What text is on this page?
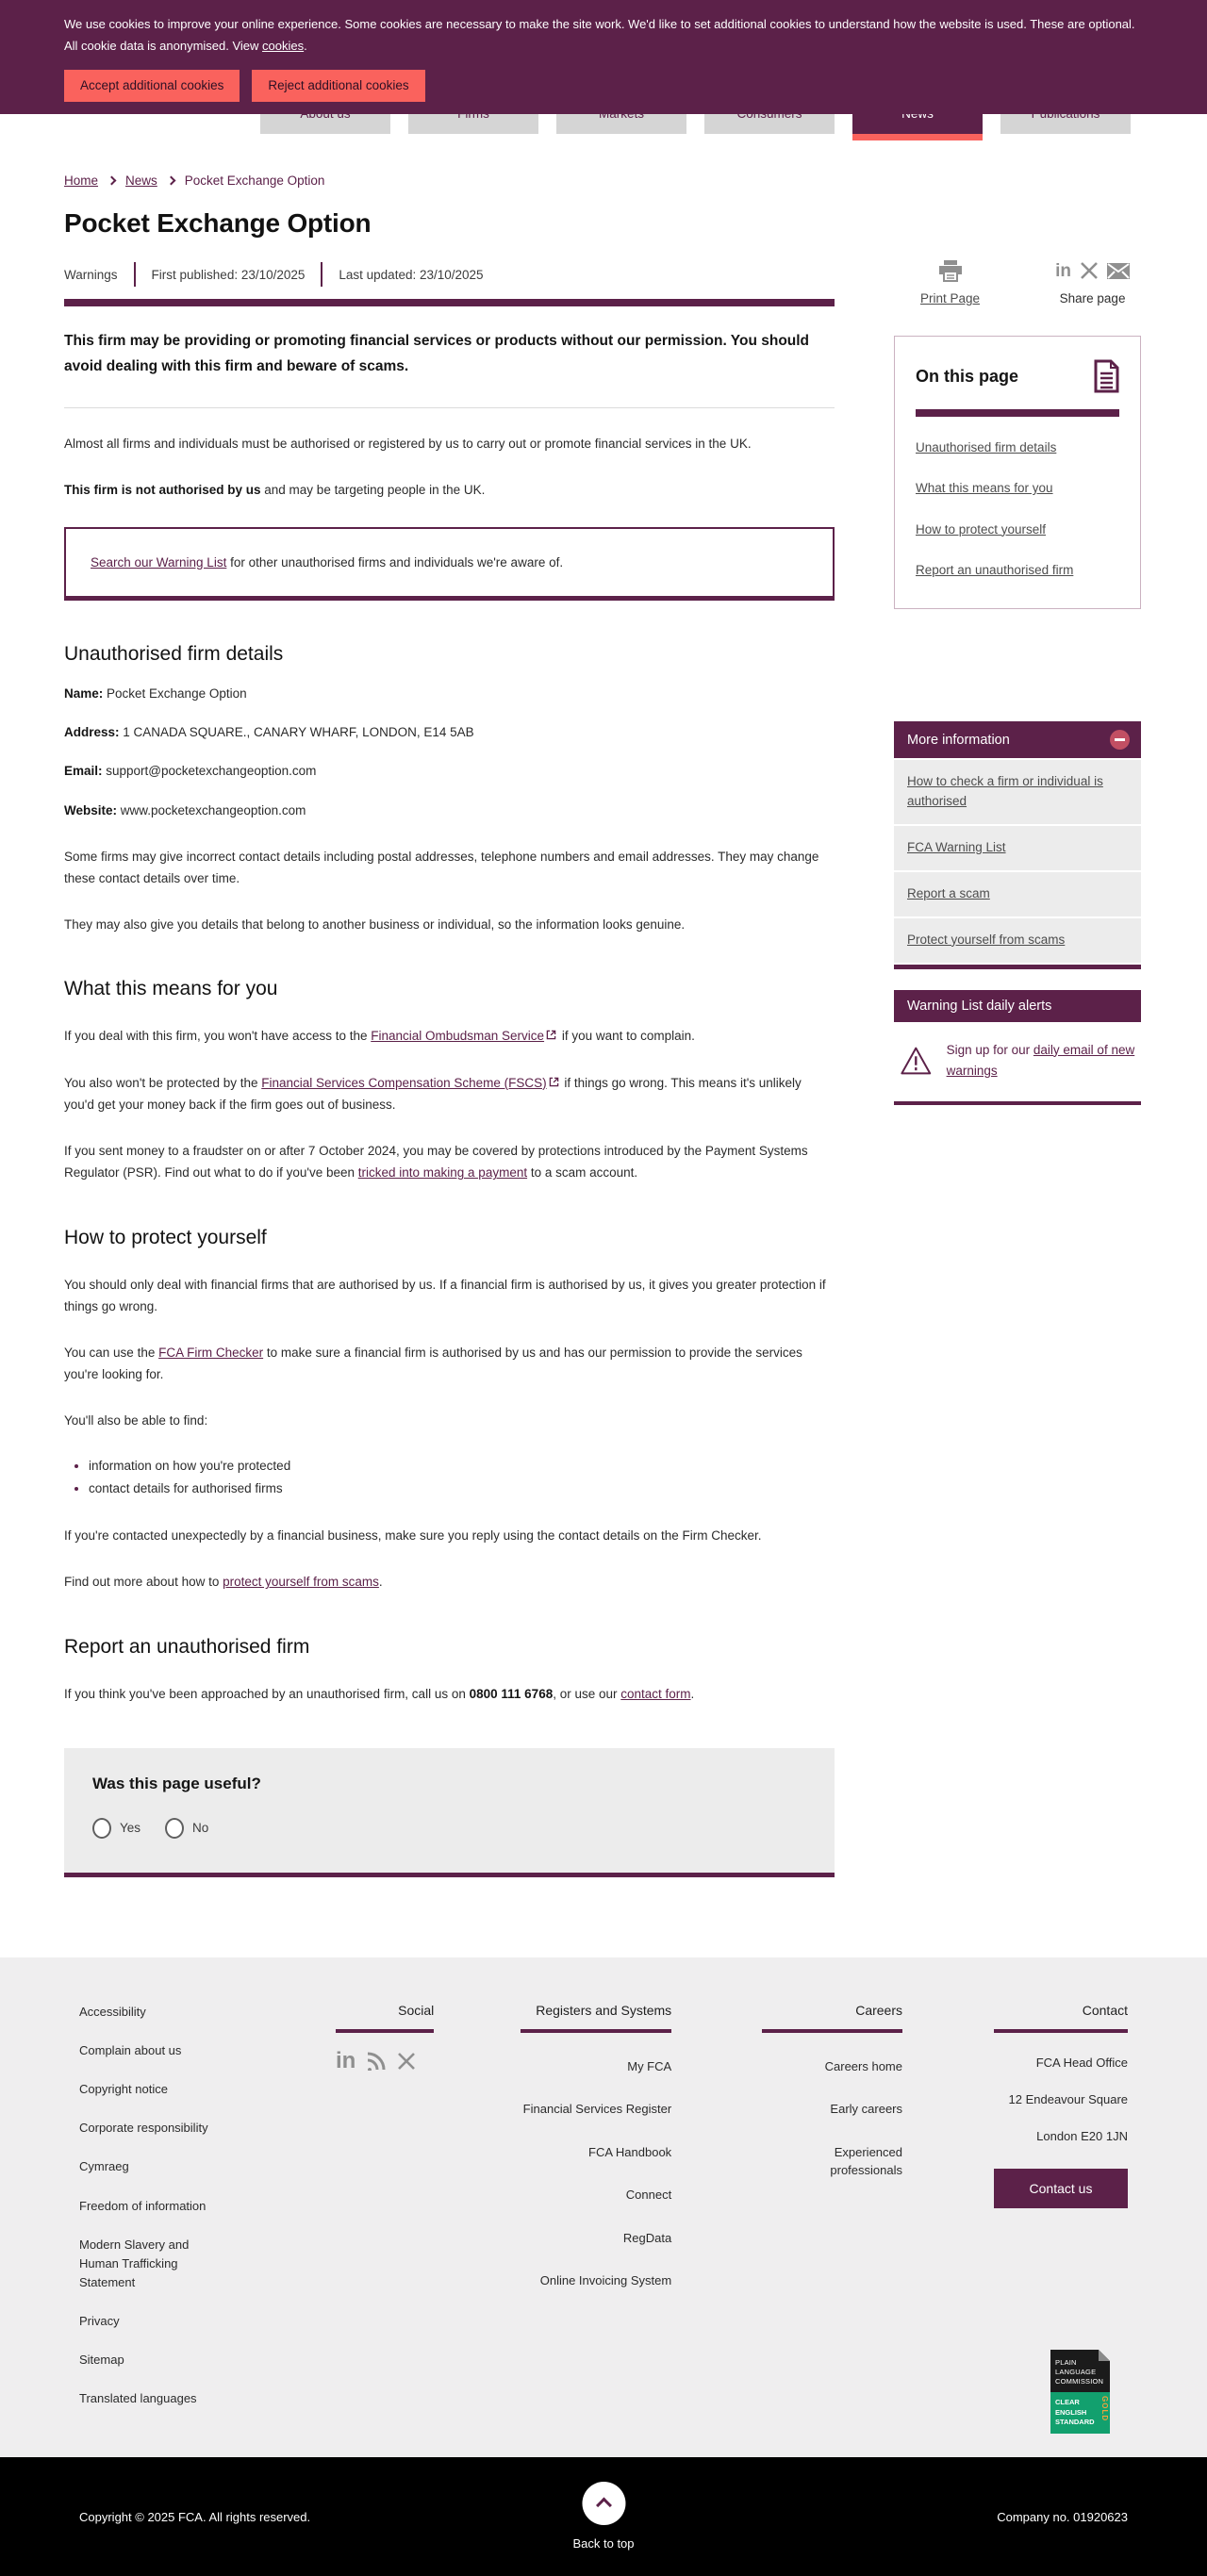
We use cookies to improve your online experience. Some cookies are necessary to make the site work. We'd like to set additional cookies to understand how the website is used. These are optional. All cookie data is anonymised. View cookies.
Accept additional cookies	Reject additional cookies
Home News Pocket Exchange Option
Pocket Exchange Option
Warnings	First published: 23/10/2025	Last updated: 23/10/2025
This firm may be providing or promoting financial services or products without our permission. You should avoid dealing with this firm and beware of scams.

Almost all firms and individuals must be authorised or registered by us to carry out or promote financial services in the UK.

This firm is not authorised by us and may be targeting people in the UK.

Search our Warning List for other unauthorised firms and individuals we're aware of.

Unauthorised firm details

Name: Pocket Exchange Option

Address: 1 CANADA SQUARE., CANARY WHARF, LONDON, E14 5AB

Email: support@pocketexchangeoption.com

Website: www.pocketexchangeoption.com

Some firms may give incorrect contact details including postal addresses, telephone numbers and email addresses. They may change these contact details over time.

They may also give you details that belong to another business or individual, so the information looks genuine.

What this means for you

If you deal with this firm, you won't have access to the Financial Ombudsman Service if you want to complain.

You also won't be protected by the Financial Services Compensation Scheme (FSCS) if things go wrong. This means it's unlikely you'd get your money back if the firm goes out of business.

If you sent money to a fraudster on or after 7 October 2024, you may be covered by protections introduced by the Payment Systems Regulator (PSR). Find out what to do if you've been tricked into making a payment to a scam account.

How to protect yourself

You should only deal with financial firms that are authorised by us. If a financial firm is authorised by us, it gives you greater protection if things go wrong.

You can use the FCA Firm Checker to make sure a financial firm is authorised by us and has our permission to provide the services you're looking for.

You'll also be able to find:

• information on how you're protected
• contact details for authorised firms

If you're contacted unexpectedly by a financial business, make sure you reply using the contact details on the Firm Checker.

Find out more about how to protect yourself from scams.

Report an unauthorised firm

If you think you've been approached by an unauthorised firm, call us on 0800 111 6768, or use our contact form.

Was this page useful?
Yes	No
Print Page
in
Share page
On this page
Unauthorised firm details
What this means for you
How to protect yourself
Report an unauthorised firm
More information
How to check a firm or individual is authorised
FCA Warning List
Report a scam
Protect yourself from scams
Warning List daily alerts
Sign up for our daily email of new warnings
Accessibility
Complain about us
Copyright notice
Corporate responsibility
Cymraeg
Freedom of information
Modern Slavery and Human Trafficking Statement
Privacy
Sitemap
Translated languages
Social
in
Registers and Systems
My FCA
Financial Services Register
FCA Handbook
Connect
RegData
Online Invoicing System
Careers
Careers home
Early careers
Experienced professionals
Contact
FCA Head Office
12 Endeavour Square
London E20 1JN
Contact us
PLAIN
LANGUAGE
COMMISSION
CLEAR
ENGLISH
STANDARD
GOLD
Copyright © 2025 FCA. All rights reserved.
Back to top
Company no. 01920623
